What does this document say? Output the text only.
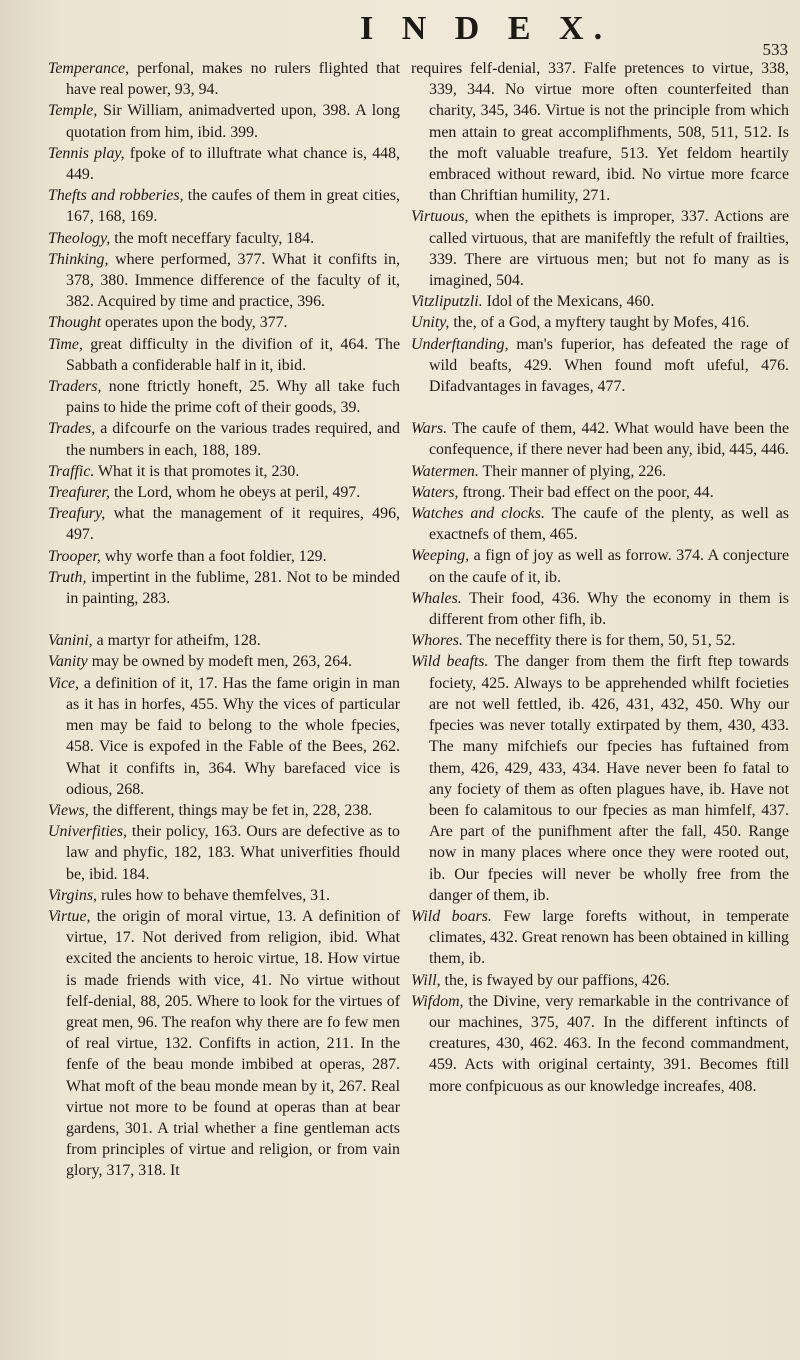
I N D E X.
533

Temperance, perfonal, makes no rulers flighted that have real power, 93, 94.

Temple, Sir William, animadverted upon, 398. A long quotation from him, ibid. 399.

Tennis play, fpoke of to illuftrate what chance is, 448, 449.

Thefts and robberies, the caufes of them in great cities, 167, 168, 169.

Theology, the moft neceffary faculty, 184.

Thinking, where performed, 377. What it confifts in, 378, 380. Immence difference of the faculty of it, 382. Acquired by time and practice, 396.

Thought operates upon the body, 377.

Time, great difficulty in the divifion of it, 464. The Sabbath a confiderable half in it, ibid.

Traders, none ftrictly honeft, 25. Why all take fuch pains to hide the prime coft of their goods, 39.

Trades, a difcourfe on the various trades required, and the numbers in each, 188, 189.

Traffic. What it is that promotes it, 230.

Treafurer, the Lord, whom he obeys at peril, 497.

Treafury, what the management of it requires, 496, 497.

Trooper, why worfe than a foot foldier, 129.

Truth, impertint in the fublime, 281. Not to be minded in painting, 283.

Vanini, a martyr for atheifm, 128.

Vanity may be owned by modeft men, 263, 264.

Vice, a definition of it, 17. Has the fame origin in man as it has in horfes, 455. Why the vices of particular men may be faid to belong to the whole fpecies, 458. Vice is expofed in the Fable of the Bees, 262. What it confifts in, 364. Why barefaced vice is odious, 268.

Views, the different, things may be fet in, 228, 238.

Univerfities, their policy, 163. Ours are defective as to law and phyfic, 182, 183. What univerfities fhould be, ibid. 184.

Virgins, rules how to behave themfelves, 31.

Virtue, the origin of moral virtue, 13. A definition of virtue, 17. Not derived from religion, ibid. What excited the ancients to heroic virtue, 18. How virtue is made friends with vice, 41. No virtue without felf-denial, 88, 205. Where to look for the virtues of great men, 96. The reafon why there are fo few men of real virtue, 132. Confifts in action, 211. In the fenfe of the beau monde imbibed at operas, 287. What moft of the beau monde mean by it, 267. Real virtue not more to be found at operas than at bear gardens, 301. A trial whether a fine gentleman acts from principles of virtue and religion, or from vain glory, 317, 318. It

requires felf-denial, 337. Falfe pretences to virtue, 338, 339, 344. No virtue more often counterfeited than charity, 345, 346. Virtue is not the principle from which men attain to great accomplifhments, 508, 511, 512. Is the moft valuable treafure, 513. Yet feldom heartily embraced without reward, ibid. No virtue more fcarce than Chriftian humility, 271.

Virtuous, when the epithets is improper, 337. Actions are called virtuous, that are manifeftly the refult of frailties, 339. There are virtuous men; but not fo many as is imagined, 504.

Vitzliputzli. Idol of the Mexicans, 460.

Unity, the, of a God, a myftery taught by Mofes, 416.

Underftanding, man's fuperior, has defeated the rage of wild beafts, 429. When found moft ufeful, 476. Difadvantages in favages, 477.

Wars. The caufe of them, 442. What would have been the confequence, if there never had been any, ibid, 445, 446.

Watermen. Their manner of plying, 226.

Waters, ftrong. Their bad effect on the poor, 44.

Watches and clocks. The caufe of the plenty, as well as exactnefs of them, 465.

Weeping, a fign of joy as well as forrow. 374. A conjecture on the caufe of it, ib.

Whales. Their food, 436. Why the economy in them is different from other fifh, ib.

Whores. The neceffity there is for them, 50, 51, 52.

Wild beafts. The danger from them the firft ftep towards fociety, 425. Always to be apprehended whilft focieties are not well fettled, ib. 426, 431, 432, 450. Why our fpecies was never totally extirpated by them, 430, 433. The many mifchiefs our fpecies has fuftained from them, 426, 429, 433, 434. Have never been fo fatal to any fociety of them as often plagues have, ib. Have not been fo calamitous to our fpecies as man himfelf, 437. Are part of the punifhment after the fall, 450. Range now in many places where once they were rooted out, ib. Our fpecies will never be wholly free from the danger of them, ib.

Wild boars. Few large forefts without, in temperate climates, 432. Great renown has been obtained in killing them, ib.

Will, the, is fwayed by our paffions, 426.

Wifdom, the Divine, very remarkable in the contrivance of our machines, 375, 407. In the different inftincts of creatures, 430, 462. 463. In the fecond commandment, 459. Acts with original certainty, 391. Becomes ftill more confpicuous as our knowledge increafes, 408.
